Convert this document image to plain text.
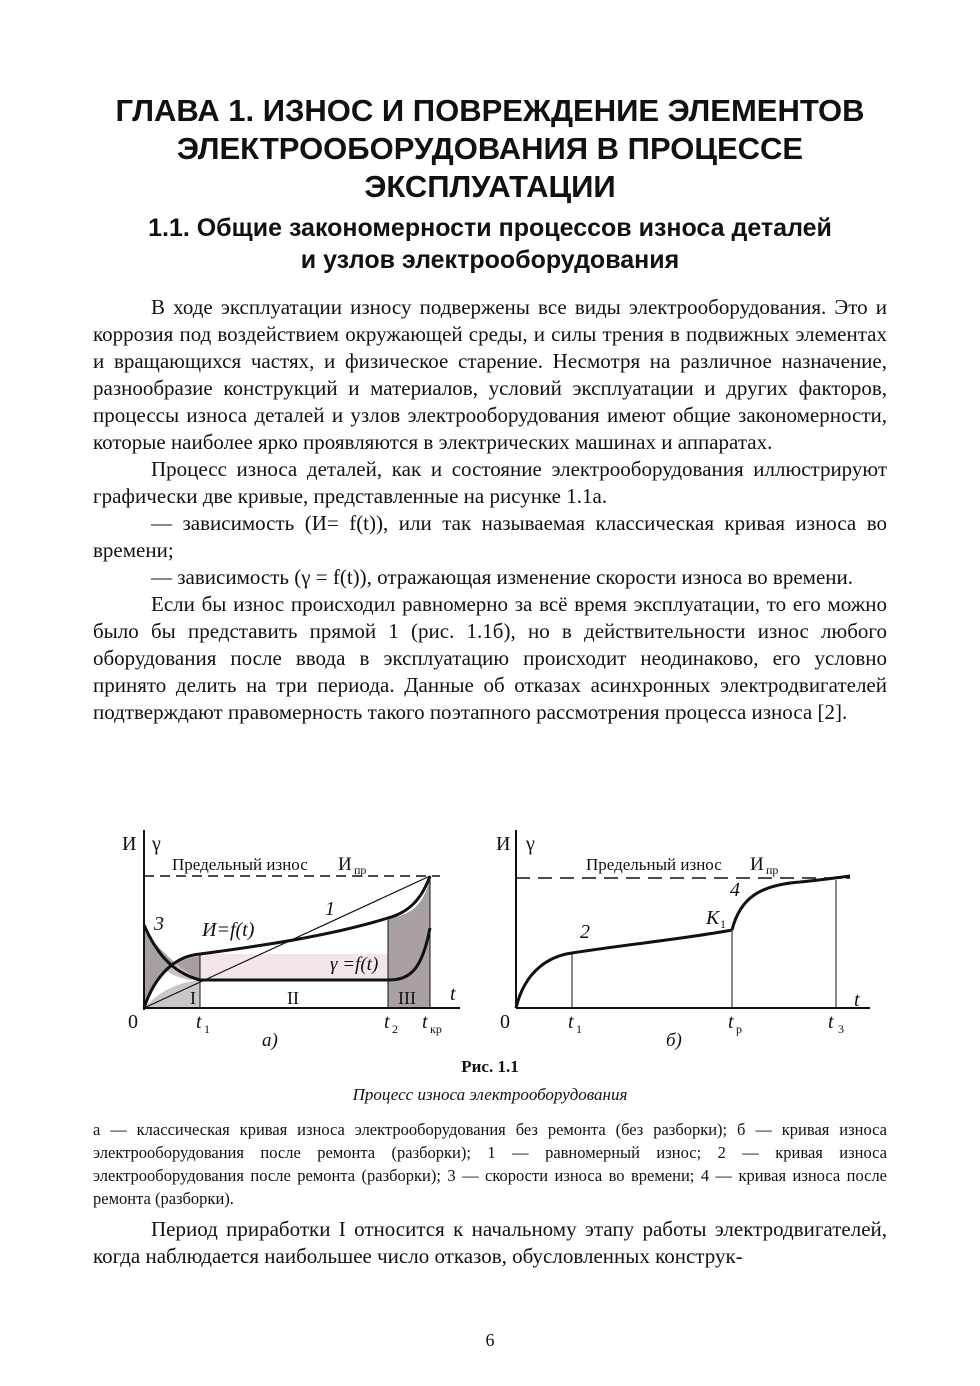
ГЛАВА 1. ИЗНОС И ПОВРЕЖДЕНИЕ ЭЛЕМЕНТОВ
ЭЛЕКТРООБОРУДОВАНИЯ В ПРОЦЕССЕ
ЭКСПЛУАТАЦИИ
1.1. Общие закономерности процессов износа деталей
и узлов электрооборудования

В ходе эксплуатации износу подвержены все виды электрооборудования. Это и коррозия под воздействием окружающей среды, и силы трения в подвижных элементах и вращающихся частях, и физическое старение. Несмотря на различное назначение, разнообразие конструкций и материалов, условий эксплуатации и других факторов, процессы износа деталей и узлов электрооборудования имеют общие закономерности, которые наиболее ярко проявляются в электрических машинах и аппаратах.

Процесс износа деталей, как и состояние электрооборудования иллюстрируют графически две кривые, представленные на рисунке 1.1а.

— зависимость (И= f(t)), или так называемая классическая кривая износа во времени;

— зависимость (γ = f(t)), отражающая изменение скорости износа во времени.

Если бы износ происходил равномерно за всё время эксплуатации, то его можно было бы представить прямой 1 (рис. 1.1б), но в действительности износ любого оборудования после ввода в эксплуатацию происходит неодинаково, его условно принято делить на три периода. Данные об отказах асинхронных электродвигателей подтверждают правомерность такого поэтапного рассмотрения процесса износа [2].

И γ
Предельный износ И пр
1
3 И=f(t)
γ =f(t)
I	II	III t
0	t 1	t 2 t кр
а)
И γ
Предельный износ И пр
2
4
K 1
t
0	t 1	t р	t 3
б)
Рис. 1.1
Процесс износа электрооборудования

а — классическая кривая износа электрооборудования без ремонта (без разборки); б — кривая износа электрооборудования после ремонта (разборки); 1 — равномерный износ; 2 — кривая износа электрооборудования после ремонта (разборки); 3 — скорости износа во времени; 4 — кривая износа после ремонта (разборки).

Период приработки I относится к начальному этапу работы электродвигателей, когда наблюдается наибольшее число отказов, обусловленных конструк-

6
